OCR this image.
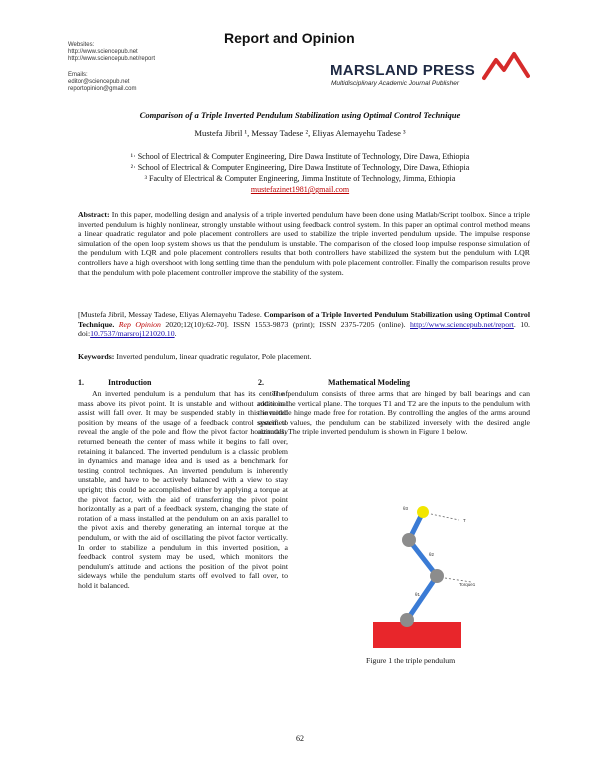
Websites:
http://www.sciencepub.net
http://www.sciencepub.net/report
Emails:
editor@sciencepub.net
reportopinion@gmail.com
Report and Opinion
MARSLAND PRESS
Multidisciplinary Academic Journal Publisher
Comparison of a Triple Inverted Pendulum Stabilization using Optimal Control Technique
Mustefa Jibril ¹, Messay Tadese ², Eliyas Alemayehu Tadese ³
¹· School of Electrical & Computer Engineering, Dire Dawa Institute of Technology, Dire Dawa, Ethiopia
²· School of Electrical & Computer Engineering, Dire Dawa Institute of Technology, Dire Dawa, Ethiopia
³ Faculty of Electrical & Computer Engineering, Jimma Institute of Technology, Jimma, Ethiopia
mustefazinet1981@gmail.com
Abstract: In this paper, modelling design and analysis of a triple inverted pendulum have been done using Matlab/Script toolbox. Since a triple inverted pendulum is highly nonlinear, strongly unstable without using feedback control system. In this paper an optimal control method means a linear quadratic regulator and pole placement controllers are used to stabilize the triple inverted pendulum upside. The impulse response simulation of the open loop system shows us that the pendulum is unstable. The comparison of the closed loop impulse response simulation of the pendulum with LQR and pole placement controllers results that both controllers have stabilized the system but the pendulum with LQR controllers have a high overshoot with long settling time than the pendulum with pole placement controller. Finally the comparison results prove that the pendulum with pole placement controller improve the stability of the system.
[Mustefa Jibril, Messay Tadese, Eliyas Alemayehu Tadese. Comparison of a Triple Inverted Pendulum Stabilization using Optimal Control Technique. Rep Opinion 2020;12(10):62-70]. ISSN 1553-9873 (print); ISSN 2375-7205 (online). http://www.sciencepub.net/report. 10. doi:10.7537/marsroj121020.10.
Keywords: Inverted pendulum, linear quadratic regulator, Pole placement.
1.	Introduction
An inverted pendulum is a pendulum that has its center of mass above its pivot point. It is unstable and without additional assist will fall over. It may be suspended stably in this inverted position by means of the usage of a feedback control system to reveal the angle of the pole and flow the pivot factor horizontally returned beneath the center of mass while it begins to fall over, retaining it balanced. The inverted pendulum is a classic problem in dynamics and manage idea and is used as a benchmark for testing control techniques. An inverted pendulum is inherently unstable, and have to be actively balanced with a view to stay upright; this could be accomplished either by applying a torque at the pivot factor, with the aid of transferring the pivot point horizontally as a part of a feedback system, changing the state of rotation of a mass installed at the pendulum on an axis parallel to the pivot axis and thereby generating an internal torque at the pendulum, or with the aid of oscillating the pivot factor vertically. In order to stabilize a pendulum in this inverted position, a feedback control system may be used, which monitors the pendulum's attitude and actions the position of the pivot point sideways while the pendulum starts off evolved to fall over, to hold it balanced.
2.	Mathematical Modeling
The pendulum consists of three arms that are hinged by ball bearings and can rotate in the vertical plane. The torques T1 and T2 are the inputs to the pendulum with the middle hinge made free for rotation. By controlling the angles of the arms around specified values, the pendulum can be stabilized inversely with the desired angle attitudes. The triple inverted pendulum is shown in Figure 1 below.
θ3
θ2
θ1
T
Torque1
Figure 1 the triple pendulum
62
